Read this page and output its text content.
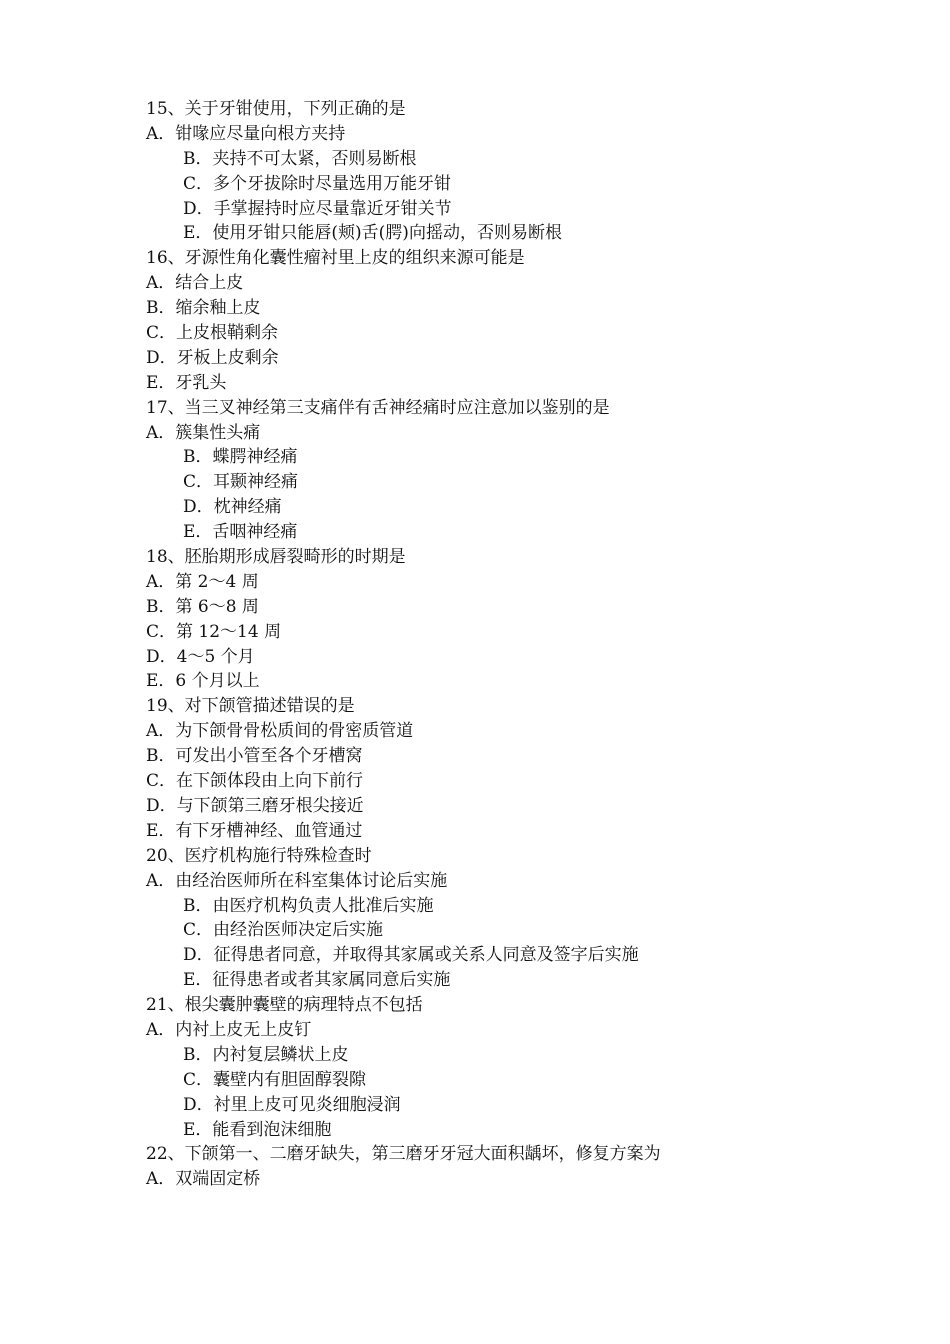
15、关于牙钳使用，下列正确的是
A．钳喙应尽量向根方夹持
B．夹持不可太紧，否则易断根
C．多个牙拔除时尽量选用万能牙钳
D．手掌握持时应尽量靠近牙钳关节
E．使用牙钳只能唇(颊)舌(腭)向摇动，否则易断根
16、牙源性角化囊性瘤衬里上皮的组织来源可能是
A．结合上皮
B．缩余釉上皮
C．上皮根鞘剩余
D．牙板上皮剩余
E．牙乳头
17、当三叉神经第三支痛伴有舌神经痛时应注意加以鉴别的是
A．簇集性头痛
B．蝶腭神经痛
C．耳颞神经痛
D．枕神经痛
E．舌咽神经痛
18、胚胎期形成唇裂畸形的时期是
A．第 2～4 周
B．第 6～8 周
C．第 12～14 周
D．4～5 个月
E．6 个月以上
19、对下颌管描述错误的是
A．为下颌骨骨松质间的骨密质管道
B．可发出小管至各个牙槽窝
C．在下颌体段由上向下前行
D．与下颌第三磨牙根尖接近
E．有下牙槽神经、血管通过
20、医疗机构施行特殊检查时
A．由经治医师所在科室集体讨论后实施
B．由医疗机构负责人批准后实施
C．由经治医师决定后实施
D．征得患者同意，并取得其家属或关系人同意及签字后实施
E．征得患者或者其家属同意后实施
21、根尖囊肿囊壁的病理特点不包括
A．内衬上皮无上皮钉
B．内衬复层鳞状上皮
C．囊壁内有胆固醇裂隙
D．衬里上皮可见炎细胞浸润
E．能看到泡沫细胞
22、下颌第一、二磨牙缺失，第三磨牙牙冠大面积龋坏，修复方案为
A．双端固定桥
